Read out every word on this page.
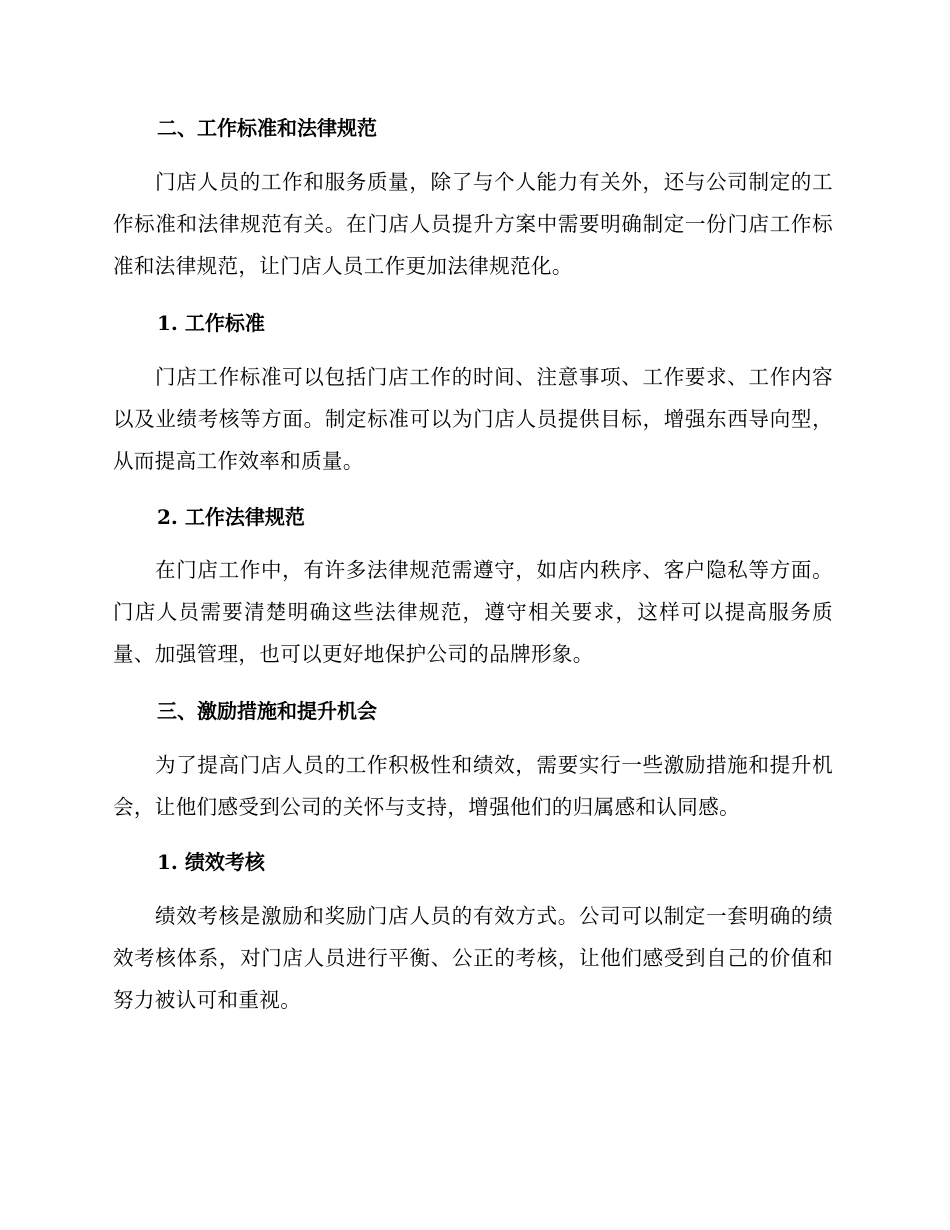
二、工作标准和法律规范
门店人员的工作和服务质量，除了与个人能力有关外，还与公司制定的工作标准和法律规范有关。在门店人员提升方案中需要明确制定一份门店工作标准和法律规范，让门店人员工作更加法律规范化。
1. 工作标准
门店工作标准可以包括门店工作的时间、注意事项、工作要求、工作内容以及业绩考核等方面。制定标准可以为门店人员提供目标，增强东西导向型，从而提高工作效率和质量。
2. 工作法律规范
在门店工作中，有许多法律规范需遵守，如店内秩序、客户隐私等方面。门店人员需要清楚明确这些法律规范，遵守相关要求，这样可以提高服务质量、加强管理，也可以更好地保护公司的品牌形象。
三、激励措施和提升机会
为了提高门店人员的工作积极性和绩效，需要实行一些激励措施和提升机会，让他们感受到公司的关怀与支持，增强他们的归属感和认同感。
1. 绩效考核
绩效考核是激励和奖励门店人员的有效方式。公司可以制定一套明确的绩效考核体系，对门店人员进行平衡、公正的考核，让他们感受到自己的价值和努力被认可和重视。
